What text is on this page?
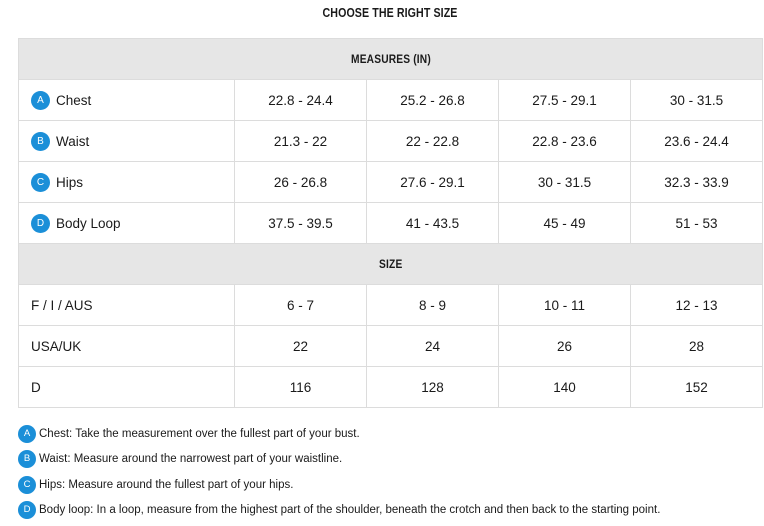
CHOOSE THE RIGHT SIZE
MEASURES (IN)				
A Chest	22.8 - 24.4	25.2 - 26.8	27.5 - 29.1	30 - 31.5
B Waist	21.3 - 22	22 - 22.8	22.8 - 23.6	23.6 - 24.4
C Hips	26 - 26.8	27.6 - 29.1	30 - 31.5	32.3 - 33.9
D Body Loop	37.5 - 39.5	41 - 43.5	45 - 49	51 - 53
SIZE				
F / I / AUS	6 - 7	8 - 9	10 - 11	12 - 13
USA/UK	22	24	26	28
D	116	128	140	152
A Chest: Take the measurement over the fullest part of your bust.
B Waist: Measure around the narrowest part of your waistline.
C Hips: Measure around the fullest part of your hips.
D Body loop: In a loop, measure from the highest part of the shoulder, beneath the crotch and then back to the starting point.
